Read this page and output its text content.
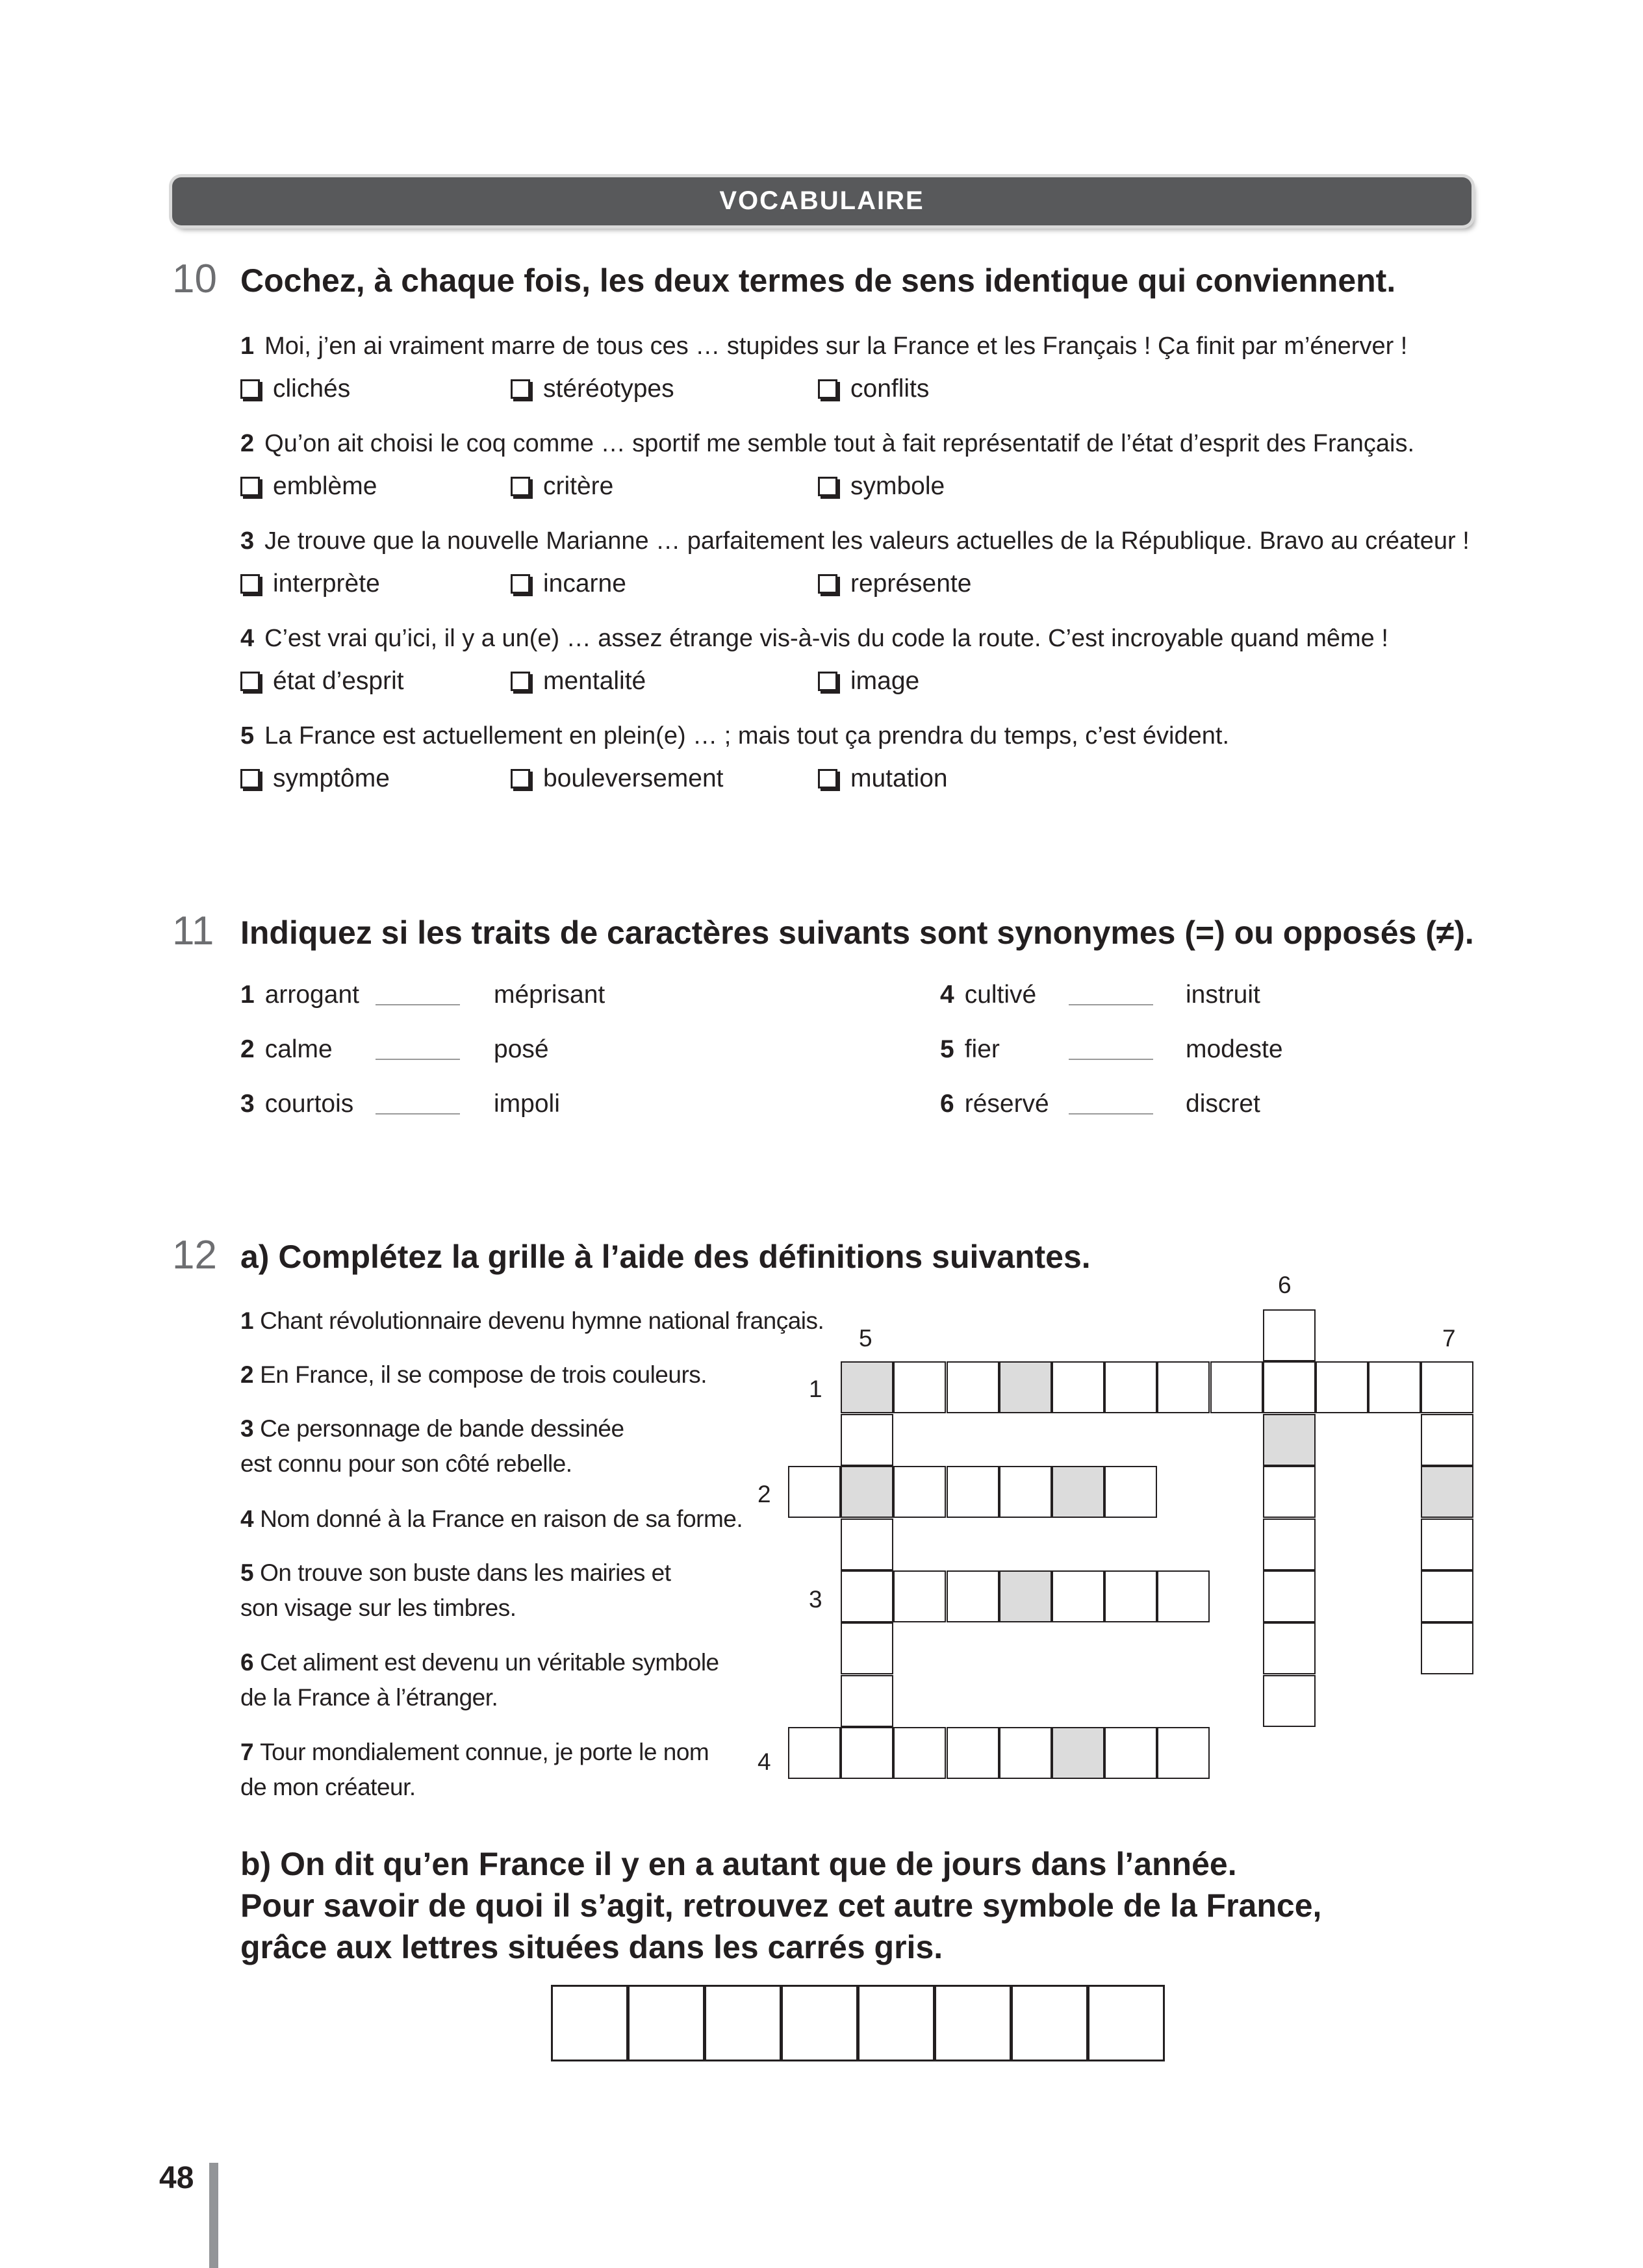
VOCABULAIRE
10 Cochez, à chaque fois, les deux termes de sens identique qui conviennent.
1 Moi, j’en ai vraiment marre de tous ces … stupides sur la France et les Français ! Ça finit par m’énerver !
clichés	stéréotypes	conflits
2 Qu’on ait choisi le coq comme … sportif me semble tout à fait représentatif de l’état d’esprit des Français.
emblème	critère	symbole
3 Je trouve que la nouvelle Marianne … parfaitement les valeurs actuelles de la République. Bravo au créateur !
interprète	incarne	représente
4 C’est vrai qu’ici, il y a un(e) … assez étrange vis-à-vis du code la route. C’est incroyable quand même !
état d’esprit	mentalité	image
5 La France est actuellement en plein(e) … ; mais tout ça prendra du temps, c’est évident.
symptôme	bouleversement	mutation
11 Indiquez si les traits de caractères suivants sont synonymes (=) ou opposés (≠).
1 arrogant	méprisant
2 calme	posé
3 courtois	impoli
4 cultivé	instruit
5 fier	modeste
6 réservé	discret
12 a) Complétez la grille à l’aide des définitions suivantes.
1 Chant révolutionnaire devenu hymne national français.
2 En France, il se compose de trois couleurs.
3 Ce personnage de bande dessinée
est connu pour son côté rebelle.
4 Nom donné à la France en raison de sa forme.
5 On trouve son buste dans les mairies et
son visage sur les timbres.
6 Cet aliment est devenu un véritable symbole
de la France à l’étranger.
7 Tour mondialement connue, je porte le nom
de mon créateur.
6
5	7
1
2
3
4
b) On dit qu’en France il y en a autant que de jours dans l’année.
Pour savoir de quoi il s’agit, retrouvez cet autre symbole de la France,
grâce aux lettres situées dans les carrés gris.
48
